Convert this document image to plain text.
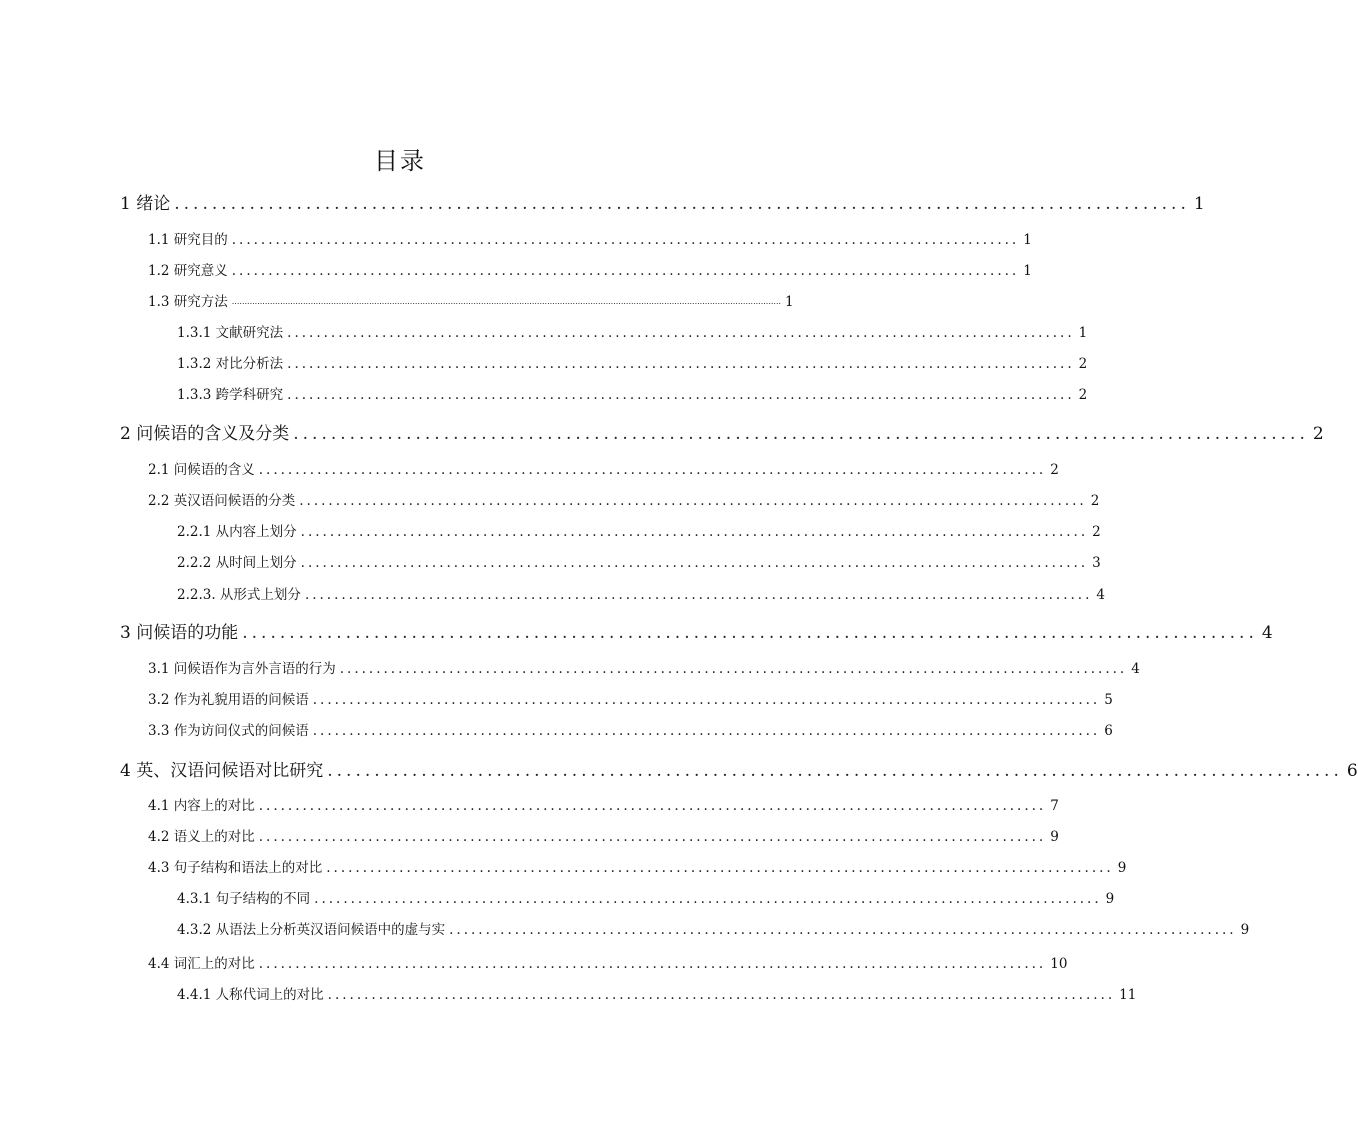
目录
1 绪论 ............................................................................................................ 1
1.1 研究目的 ............................................................................................................ 1
1.2 研究意义 ............................................................................................................ 1
1.3 研究方法 ........................................................................................................................................................................................................................ 1
1.3.1 文献研究法 ............................................................................................................ 1
1.3.2 对比分析法 ............................................................................................................ 2
1.3.3 跨学科研究 ............................................................................................................ 2
2 问候语的含义及分类 ............................................................................................................ 2
2.1 问候语的含义 ............................................................................................................ 2
2.2 英汉语问候语的分类 ............................................................................................................ 2
2.2.1 从内容上划分 ............................................................................................................ 2
2.2.2 从时间上划分 ............................................................................................................ 3
2.2.3. 从形式上划分 ............................................................................................................ 4
3 问候语的功能 ............................................................................................................ 4
3.1 问候语作为言外言语的行为 ............................................................................................................ 4
3.2 作为礼貌用语的问候语 ............................................................................................................ 5
3.3 作为访问仪式的问候语 ............................................................................................................ 6
4 英、汉语问候语对比研究 ............................................................................................................ 6
4.1 内容上的对比 ............................................................................................................ 7
4.2 语义上的对比 ............................................................................................................ 9
4.3 句子结构和语法上的对比 ............................................................................................................ 9
4.3.1 句子结构的不同 ............................................................................................................ 9
4.3.2 从语法上分析英汉语问候语中的虚与实 ............................................................................................................ 9
4.4 词汇上的对比 ............................................................................................................ 10
4.4.1 人称代词上的对比 ............................................................................................................ 11
